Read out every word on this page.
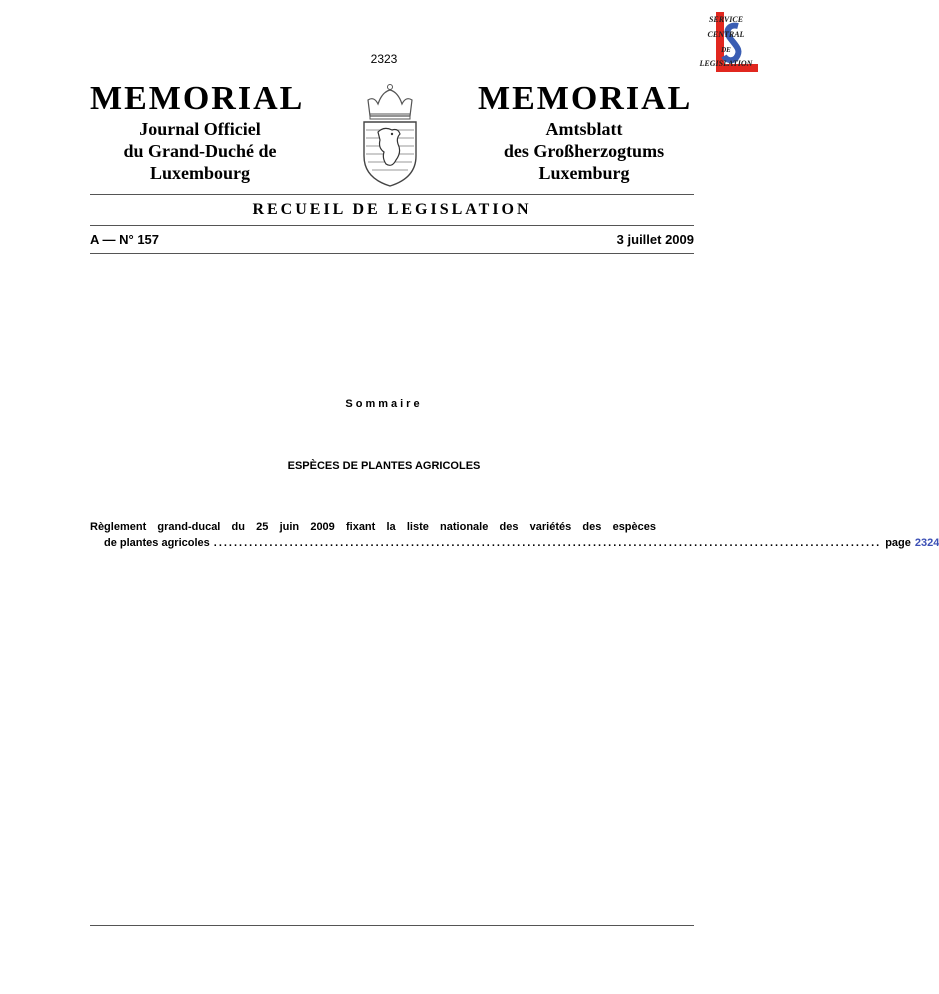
2323
SERVICE
CENTRAL
DE
LEGISLATION
MEMORIAL	MEMORIAL
Journal Officiel
du Grand-Duché de
Luxembourg
Amtsblatt
des Großherzogtums
Luxemburg
RECUEIL DE LEGISLATION
A — N° 157	3 juillet 2009
Sommaire
ESPÈCES DE PLANTES AGRICOLES
Règlement grand-ducal du 25 juin 2009 fixant la liste nationale des variétés des espèces
de plantes agricoles .................................................................................................................................... page 2324
